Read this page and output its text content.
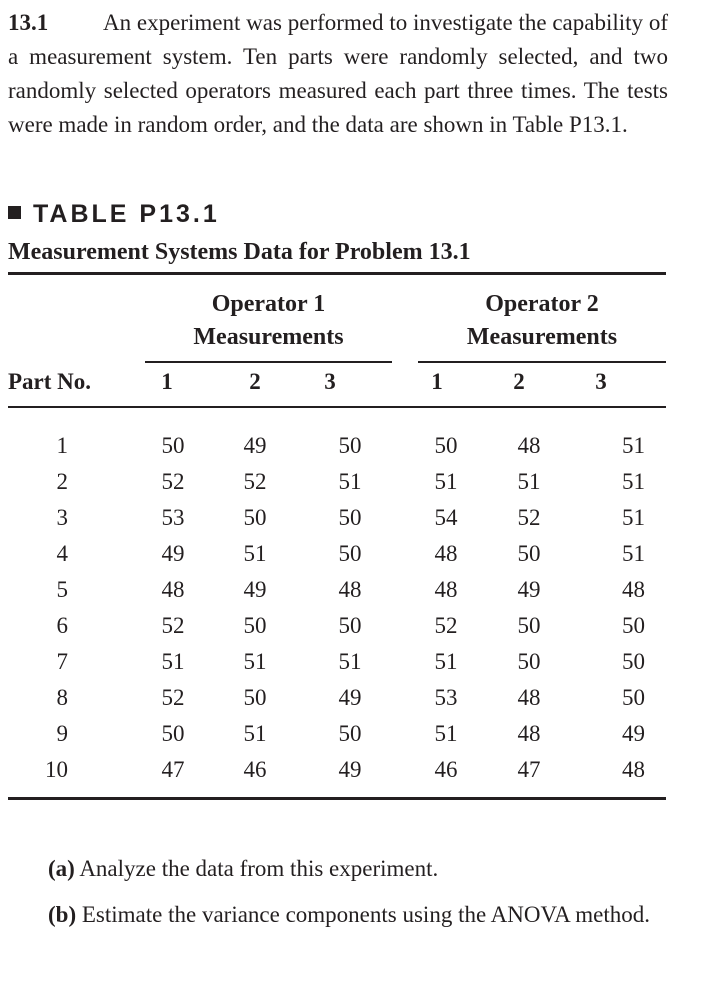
13.1 An experiment was performed to investigate the capability of a measurement system. Ten parts were randomly selected, and two randomly selected operators measured each part three times. The tests were made in random order, and the data are shown in Table P13.1.

TABLE P13.1
Measurement Systems Data for Problem 13.1
Operator 1
Measurements
Operator 2
Measurements
Part No.	1	2	3	1	2	3
1	50	49	50	50	48	51
2	52	52	51	51	51	51
3	53	50	50	54	52	51
4	49	51	50	48	50	51
5	48	49	48	48	49	48
6	52	50	50	52	50	50
7	51	51	51	51	50	50
8	52	50	49	53	48	50
9	50	51	50	51	48	49
10	47	46	49	46	47	48
(a) Analyze the data from this experiment.
(b) Estimate the variance components using the ANOVA method.
